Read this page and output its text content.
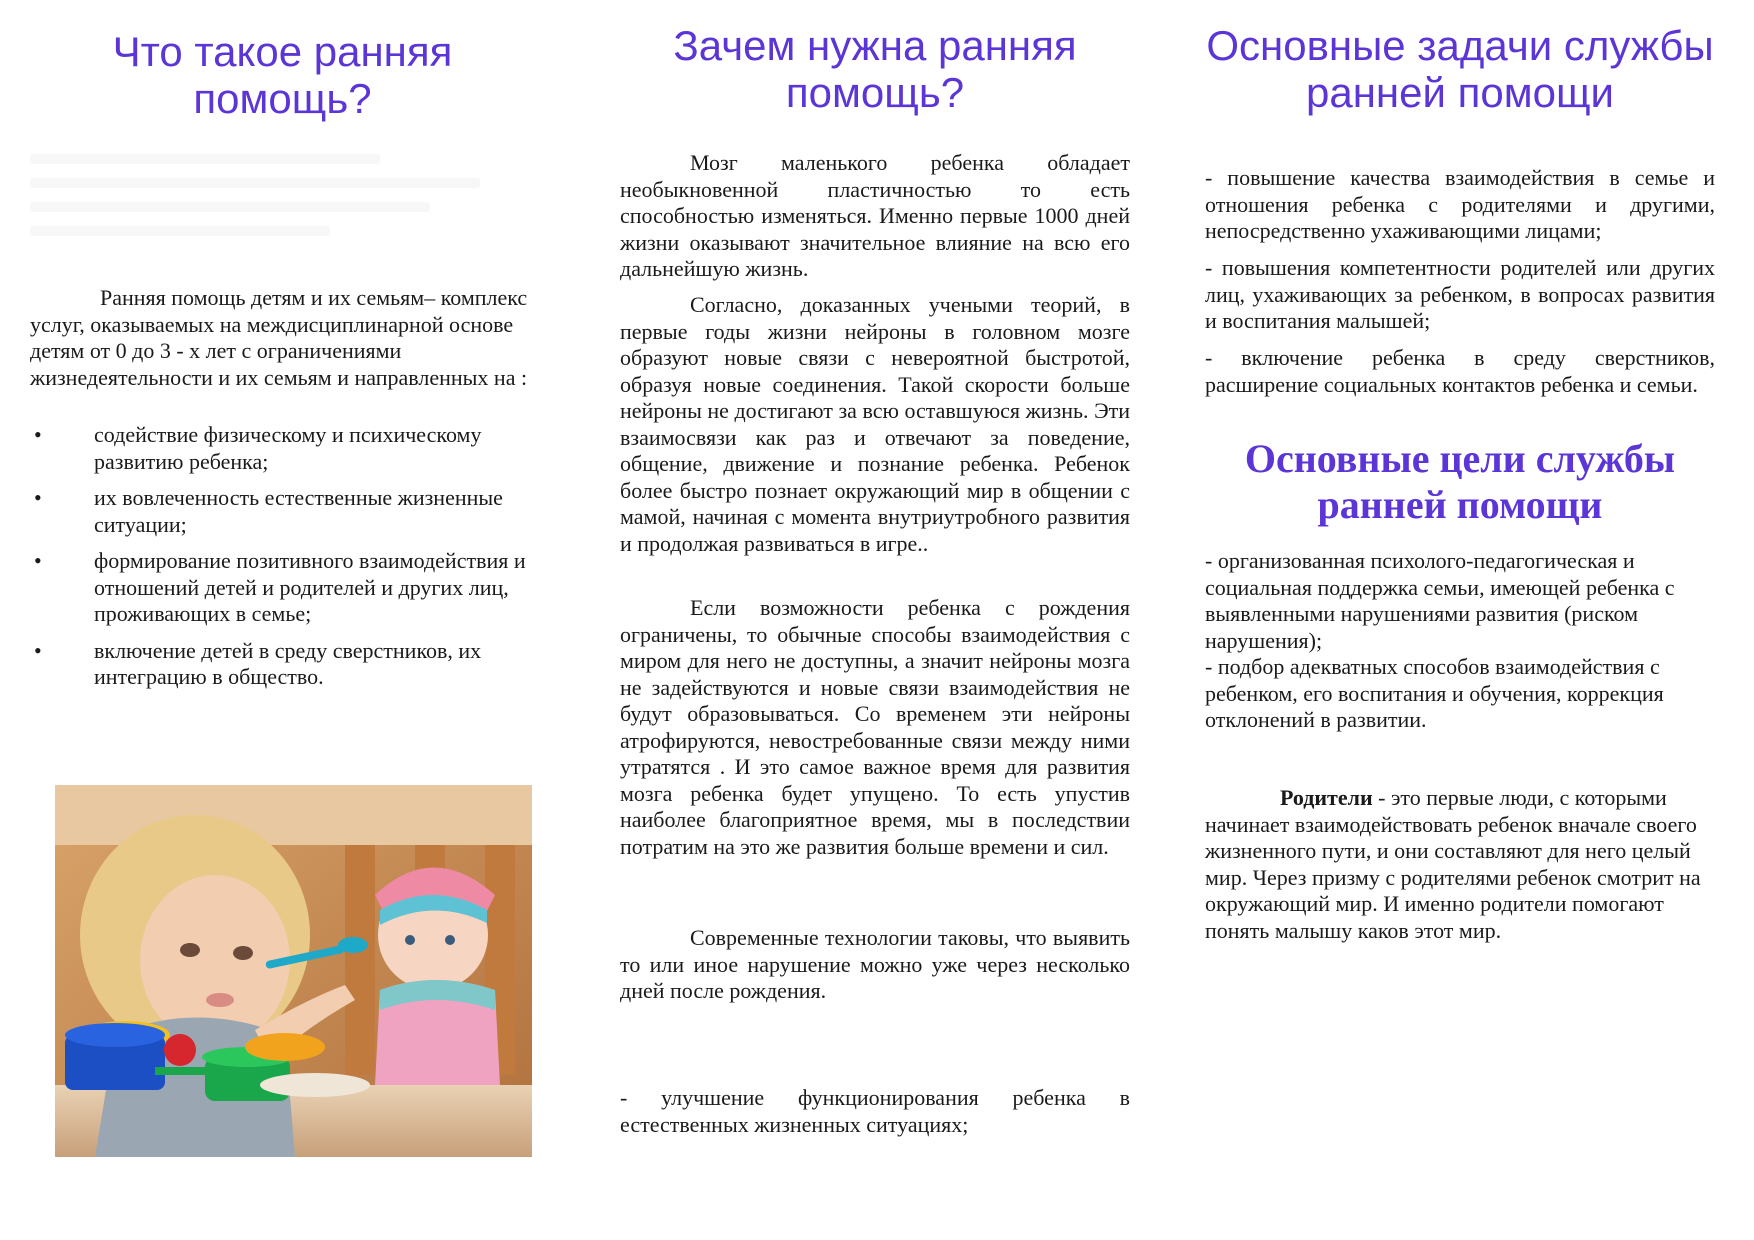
Что такое ранняя помощь?

Ранняя помощь детям и их семьям– комплекс услуг, оказываемых на междисциплинарной основе детям от 0 до 3 - х лет с ограничениями жизнедеятельности и их семьям и направленных на :

• содействие физическому и психическому развитию ребенка;
• их вовлеченность естественные жизненные ситуации;
• формирование позитивного взаимодействия и отношений детей и родителей и других лиц, проживающих в семье;
• включение детей в среду сверстников, их интеграцию в общество.
Зачем нужна ранняя помощь?

Мозг маленького ребенка обладает необыкновенной пластичностью то есть способностью изменяться. Именно первые 1000 дней жизни оказывают значительное влияние на всю его дальнейшую жизнь.

Согласно, доказанных учеными теорий, в первые годы жизни нейроны в головном мозге образуют новые связи с невероятной быстротой, образуя новые соединения. Такой скорости больше нейроны не достигают за всю оставшуюся жизнь. Эти взаимосвязи как раз и отвечают за поведение, общение, движение и познание ребенка. Ребенок более быстро познает окружающий мир в общении с мамой, начиная с момента внутриутробного развития и продолжая развиваться в игре..

Если возможности ребенка с рождения ограничены, то обычные способы взаимодействия с миром для него не доступны, а значит нейроны мозга не задействуются и новые связи взаимодействия не будут образовываться. Со временем эти нейроны атрофируются, невостребованные связи между ними утратятся . И это самое важное время для развития мозга ребенка будет упущено. То есть упустив наиболее благоприятное время, мы в последствии потратим на это же развития больше времени и сил.

Современные технологии таковы, что выявить то или иное нарушение можно уже через несколько дней после рождения.

- улучшение функционирования ребенка в естественных жизненных ситуациях;

Основные задачи службы ранней помощи

- повышение качества взаимодействия в семье и отношения ребенка с родителями и другими, непосредственно ухаживающими лицами;

- повышения компетентности родителей или других лиц, ухаживающих за ребенком, в вопросах развития и воспитания малышей;

- включение ребенка в среду сверстников, расширение социальных контактов ребенка и семьи.

Основные цели службы ранней помощи

- организованная психолого-педагогическая и социальная поддержка семьи, имеющей ребенка с выявленными нарушениями развития (риском нарушения);

- подбор адекватных способов взаимодействия с ребенком, его воспитания и обучения, коррекция отклонений в развитии.

Родители - это первые люди, с которыми начинает взаимодействовать ребенок вначале своего жизненного пути, и они составляют для него целый мир. Через призму с родителями ребенок смотрит на окружающий мир. И именно родители помогают понять малышу каков этот мир.
